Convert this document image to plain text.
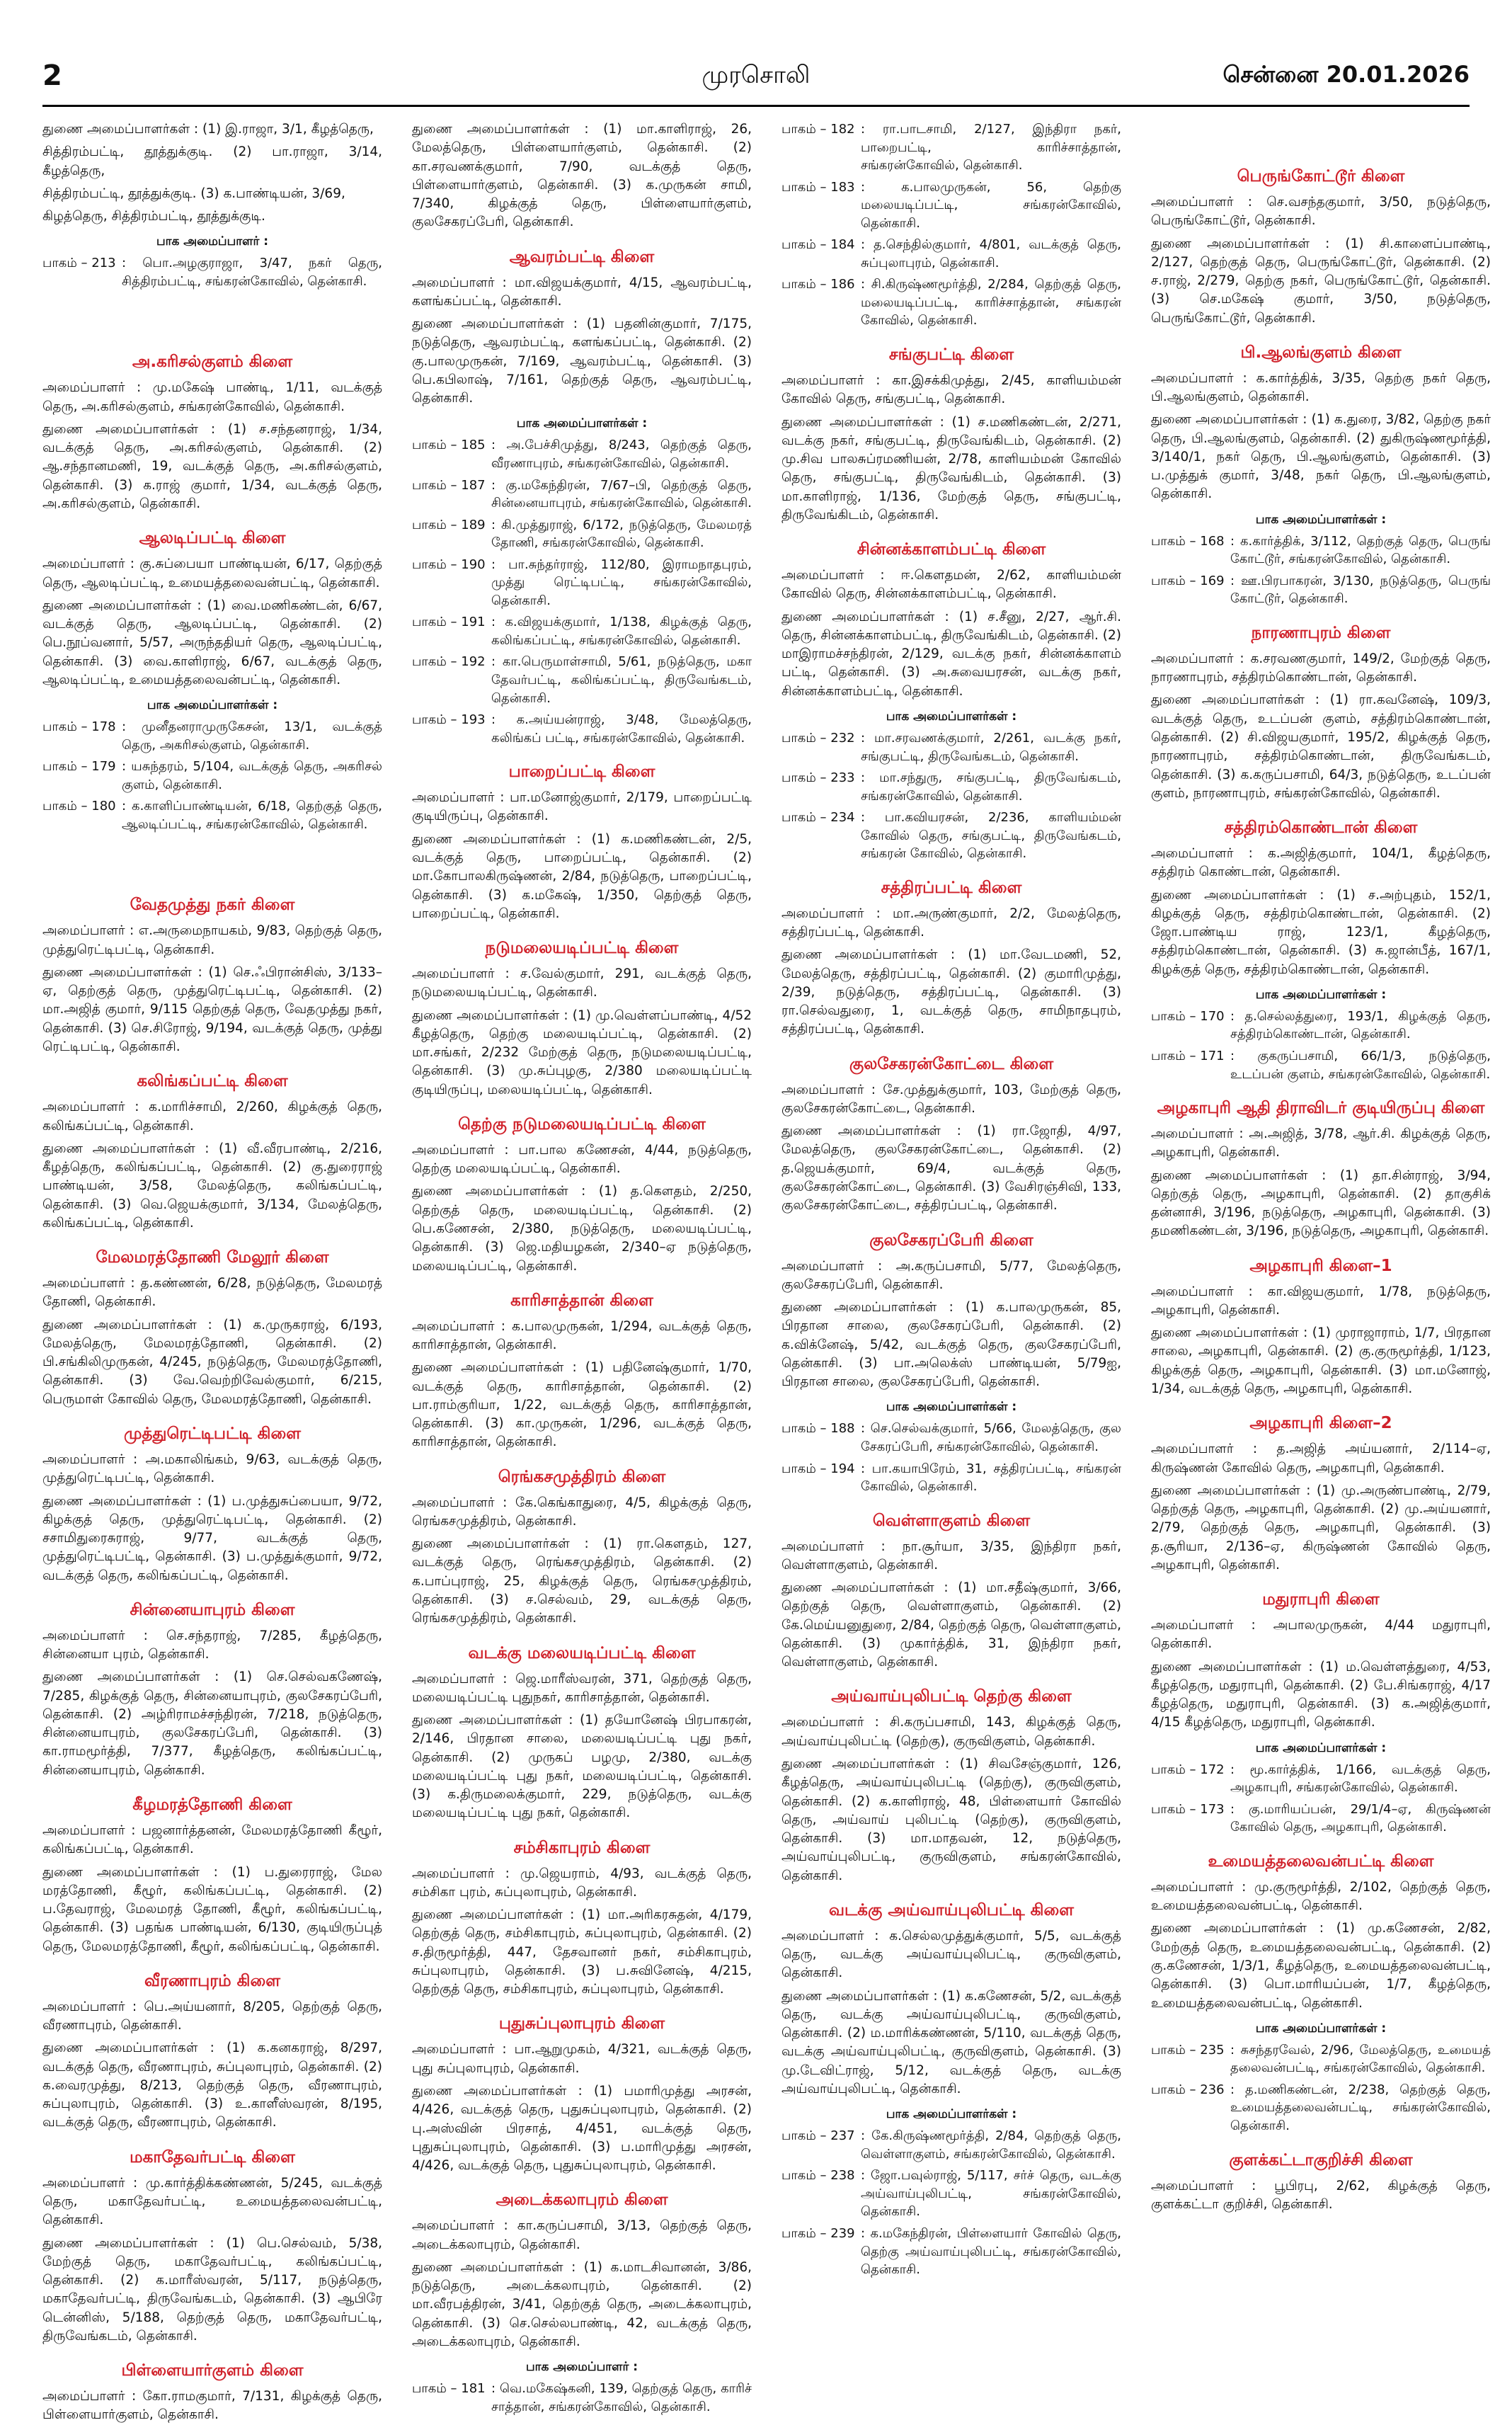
2	முரசொலி	சென்னை 20.01.2026

துணை அமைப்பாளர்கள் : (1) இ.ராஜா, 3/1, கீழத்தெரு,

சித்திரம்பட்டி, தூத்துக்குடி. (2) பா.ராஜா, 3/14, கீழத்தெரு,

சித்திரம்பட்டி, தூத்துக்குடி. (3) க.பாண்டியன், 3/69,

கிழத்தெரு, சித்திரம்பட்டி, தூத்துக்குடி.

பாக அமைப்பாளர் :
பாகம் – 213 : பொ.அழகுராஜா, 3/47, நகர் தெரு, சித்திரம்பட்டி, சங்கரன்கோவில், தென்காசி.
அ.கரிசல்குளம் கிளை

அமைப்பாளர் : மு.மகேஷ் பாண்டி, 1/11, வடக்குத் தெரு, அ.கரிசல்குளம், சங்கரன்கோவில், தென்காசி.

துணை அமைப்பாளர்கள் : (1) ச.சந்தனராஜ், 1/34, வடக்குத் தெரு, அ.கரிசல்குளம், தென்காசி. (2) ஆ.சந்தானமணி, 19, வடக்குத் தெரு, அ.கரிசல்குளம், தென்காசி. (3) க.ராஜ் குமார், 1/34, வடக்குத் தெரு, அ.கரிசல்குளம், தென்காசி.

ஆலடிப்பட்டி கிளை

அமைப்பாளர் : கு.சுப்பையா பாண்டியன், 6/17, தெற்குத் தெரு, ஆலடிப்பட்டி, உமையத்தலைவன்பட்டி, தென்காசி.

துணை அமைப்பாளர்கள் : (1) வை.மணிகண்டன், 6/67, வடக்குத் தெரு, ஆலடிப்பட்டி, தென்காசி. (2) பெ.நூப்வனார், 5/57, அருந்ததியர் தெரு, ஆலடிப்பட்டி, தென்காசி. (3) வை.காளிராஜ், 6/67, வடக்குத் தெரு, ஆலடிப்பட்டி, உமையத்தலைவன்பட்டி, தென்காசி.

பாக அமைப்பாளர்கள் :
பாகம் – 178 : முனீதனராமுருகேசன், 13/1, வடக்குத் தெரு, அகரிசல்குளம், தென்காசி.
பாகம் – 179 : யசுந்தரம், 5/104, வடக்குத் தெரு, அகரிசல் குளம், தென்காசி.
பாகம் – 180 : க.காளிப்பாண்டியன், 6/18, தெற்குத் தெரு, ஆலடிப்பட்டி, சங்கரன்கோவில், தென்காசி.
வேதமுத்து நகர் கிளை

அமைப்பாளர் : எ.அருமைநாயகம், 9/83, தெற்குத் தெரு, முத்துரெட்டிபட்டி, தென்காசி.

துணை அமைப்பாளர்கள் : (1) செ.ஃபிரான்சிஸ், 3/133–ஏ, தெற்குத் தெரு, முத்துரெட்டிபட்டி, தென்காசி. (2) மா.அஜித் குமார், 9/115 தெற்குத் தெரு, வேதமுத்து நகர், தென்காசி. (3) செ.சிரோஜ், 9/194, வடக்குத் தெரு, முத்து ரெட்டிபட்டி, தென்காசி.

கலிங்கப்பட்டி கிளை

அமைப்பாளர் : க.மாரிச்சாமி, 2/260, கிழக்குத் தெரு, கலிங்கப்பட்டி, தென்காசி.

துணை அமைப்பாளர்கள் : (1) வீ.வீரபாண்டி, 2/216, கீழத்தெரு, கலிங்கப்பட்டி, தென்காசி. (2) கு.துரைராஜ் பாண்டியன், 3/58, மேலத்தெரு, கலிங்கப்பட்டி, தென்காசி. (3) வெ.ஜெயக்குமார், 3/134, மேலத்தெரு, கலிங்கப்பட்டி, தென்காசி.

மேலமரத்தோணி மேலூர் கிளை

அமைப்பாளர் : த.கண்ணன், 6/28, நடுத்தெரு, மேலமரத் தோணி, தென்காசி.

துணை அமைப்பாளர்கள் : (1) க.முருகராஜ், 6/193, மேலத்தெரு, மேலமரத்தோணி, தென்காசி. (2) பி.சங்கிலிமுருகன், 4/245, நடுத்தெரு, மேலமரத்தோணி, தென்காசி. (3) வே.வெற்றிவேல்குமார், 6/215, பெருமாள் கோவில் தெரு, மேலமரத்தோணி, தென்காசி.

முத்துரெட்டிபட்டி கிளை

அமைப்பாளர் : அ.மகாலிங்கம், 9/63, வடக்குத் தெரு, முத்துரெட்டிபட்டி, தென்காசி.

துணை அமைப்பாளர்கள் : (1) ப.முத்துசுப்பையா, 9/72, கிழக்குத் தெரு, முத்துரெட்டிபட்டி, தென்காசி. (2) சசாமிதுரைசுராஜ், 9/77, வடக்குத் தெரு, முத்துரெட்டிபட்டி, தென்காசி. (3) ப.முத்துக்குமார், 9/72, வடக்குத் தெரு, கலிங்கப்பட்டி, தென்காசி.

சின்னையாபுரம் கிளை

அமைப்பாளர் : செ.சந்தராஜ், 7/285, கீழத்தெரு, சின்னையா புரம், தென்காசி.

துணை அமைப்பாளர்கள் : (1) செ.செல்வகணேஷ், 7/285, கிழக்குத் தெரு, சின்னையாபுரம், குலசேகரப்பேரி, தென்காசி. (2) அழ்ரிராமச்சந்திரன், 7/218, நடுத்தெரு, சின்னையாபுரம், குலசேகரப்பேரி, தென்காசி. (3) கா.ராமமூர்த்தி, 7/377, கீழத்தெரு, கலிங்கப்பட்டி, சின்னையாபுரம், தென்காசி.

கீழமரத்தோணி கிளை

அமைப்பாளர் : பஜனார்த்தனன், மேலமரத்தோணி கீழூர், கலிங்கப்பட்டி, தென்காசி.

துணை அமைப்பாளர்கள் : (1) ப.துரைராஜ், மேல மரத்தோணி, கீழூர், கலிங்கப்பட்டி, தென்காசி. (2) ப.தேவராஜ், மேலமரத் தோணி, கீழூர், கலிங்கப்பட்டி, தென்காசி. (3) பதங்க பாண்டியன், 6/130, குடியிருப்புத் தெரு, மேலமரத்தோணி, கீழூர், கலிங்கப்பட்டி, தென்காசி.

வீரணாபுரம் கிளை

அமைப்பாளர் : பெ.அய்யனார், 8/205, தெற்குத் தெரு, வீரணாபுரம், தென்காசி.

துணை அமைப்பாளர்கள் : (1) க.கனகராஜ், 8/297, வடக்குத் தெரு, வீரணாபுரம், சுப்புலாபுரம், தென்காசி. (2) க.வைரமுத்து, 8/213, தெற்குத் தெரு, வீரணாபுரம், சுப்புலாபுரம், தென்காசி. (3) உ.காளீஸ்வரன், 8/195, வடக்குத் தெரு, வீரணாபுரம், தென்காசி.

மகாதேவர்பட்டி கிளை

அமைப்பாளர் : மு.கார்த்திக்கண்ணன், 5/245, வடக்குத் தெரு, மகாதேவர்பட்டி, உமையத்தலைவன்பட்டி, தென்காசி.

துணை அமைப்பாளர்கள் : (1) பெ.செல்வம், 5/38, மேற்குத் தெரு, மகாதேவர்பட்டி, கலிங்கப்பட்டி, தென்காசி. (2) க.மாரீஸ்வரன், 5/117, நடுத்தெரு, மகாதேவர்பட்டி, திருவேங்கடம், தென்காசி. (3) ஆபிரே டென்னிஸ், 5/188, தெற்குத் தெரு, மகாதேவர்பட்டி, திருவேங்கடம், தென்காசி.

பிள்ளையார்குளம் கிளை

அமைப்பாளர் : கோ.ராமகுமார், 7/131, கிழக்குத் தெரு, பிள்ளையார்குளம், தென்காசி.

துணை அமைப்பாளர்கள் : (1) மா.காளிராஜ், 26, மேலத்தெரு, பிள்ளையார்குளம், தென்காசி. (2) கா.சரவணக்குமார், 7/90, வடக்குத் தெரு, பிள்ளையார்குளம், தென்காசி. (3) க.முருகன் சாமி, 7/340, கிழக்குத் தெரு, பிள்ளையார்குளம், குலசேகரப்பேரி, தென்காசி.

ஆவரம்பட்டி கிளை

அமைப்பாளர் : மா.விஜயக்குமார், 4/15, ஆவரம்பட்டி, களங்கப்பட்டி, தென்காசி.

துணை அமைப்பாளர்கள் : (1) பதனின்குமார், 7/175, நடுத்தெரு, ஆவரம்பட்டி, களங்கப்பட்டி, தென்காசி. (2) கு.பாலமுருகன், 7/169, ஆவரம்பட்டி, தென்காசி. (3) பெ.கபிலாஷ், 7/161, தெற்குத் தெரு, ஆவரம்பட்டி, தென்காசி.

பாக அமைப்பாளர்கள் :
பாகம் – 185 : அ.பேச்சிமுத்து, 8/243, தெற்குத் தெரு, வீரணாபுரம், சங்கரன்கோவில், தென்காசி.
பாகம் – 187 : கு.மகேந்திரன், 7/67–பி, தெற்குத் தெரு, சின்னையாபுரம், சங்கரன்கோவில், தென்காசி.
பாகம் – 189 : கி.முத்துராஜ், 6/172, நடுத்தெரு, மேலமரத் தோணி, சங்கரன்கோவில், தென்காசி.
பாகம் – 190 : பா.சுந்தர்ராஜ், 112/80, இராமநாதபுரம், முத்து ரெட்டிபட்டி, சங்கரன்கோவில், தென்காசி.
பாகம் – 191 : க.விஜயக்குமார், 1/138, கிழக்குத் தெரு, கலிங்கப்பட்டி, சங்கரன்கோவில், தென்காசி.
பாகம் – 192 : கா.பெருமாள்சாமி, 5/61, நடுத்தெரு, மகா தேவர்பட்டி, கலிங்கப்பட்டி, திருவேங்கடம், தென்காசி.
பாகம் – 193 : க.அய்யன்ராஜ், 3/48, மேலத்தெரு, கலிங்கப் பட்டி, சங்கரன்கோவில், தென்காசி.
பாறைப்பட்டி கிளை

அமைப்பாளர் : பா.மனோஜ்குமார், 2/179, பாறைப்பட்டி குடியிருப்பு, தென்காசி.

துணை அமைப்பாளர்கள் : (1) க.மணிகண்டன், 2/5, வடக்குத் தெரு, பாறைப்பட்டி, தென்காசி. (2) மா.கோபாலகிருஷ்ணன், 2/84, நடுத்தெரு, பாறைப்பட்டி, தென்காசி. (3) க.மகேஷ், 1/350, தெற்குத் தெரு, பாறைப்பட்டி, தென்காசி.

நடுமலையடிப்பட்டி கிளை

அமைப்பாளர் : ச.வேல்குமார், 291, வடக்குத் தெரு, நடுமலையடிப்பட்டி, தென்காசி.

துணை அமைப்பாளர்கள் : (1) மு.வெள்ளப்பாண்டி, 4/52 கீழத்தெரு, தெற்கு மலையடிப்பட்டி, தென்காசி. (2) மா.சங்கர், 2/232 மேற்குத் தெரு, நடுமலையடிப்பட்டி, தென்காசி. (3) மு.சுப்புழகு, 2/380 மலையடிப்பட்டி குடியிருப்பு, மலையடிப்பட்டி, தென்காசி.

தெற்கு நடுமலையடிப்பட்டி கிளை

அமைப்பாளர் : பா.பால கணேசன், 4/44, நடுத்தெரு, தெற்கு மலையடிப்பட்டி, தென்காசி.

துணை அமைப்பாளர்கள் : (1) த.கௌதம், 2/250, தெற்குத் தெரு, மலையடிப்பட்டி, தென்காசி. (2) பெ.கணேசன், 2/380, நடுத்தெரு, மலையடிப்பட்டி, தென்காசி. (3) ஜெ.மதியழகன், 2/340–ஏ நடுத்தெரு, மலையடிப்பட்டி, தென்காசி.

காரிசாத்தான் கிளை

அமைப்பாளர் : க.பாலமுருகன், 1/294, வடக்குத் தெரு, காரிசாத்தான், தென்காசி.

துணை அமைப்பாளர்கள் : (1) பதினேஷ்குமார், 1/70, வடக்குத் தெரு, காரிசாத்தான், தென்காசி. (2) பா.ராம்குரியா, 1/22, வடக்குத் தெரு, காரிசாத்தான், தென்காசி. (3) கா.முருகன், 1/296, வடக்குத் தெரு, காரிசாத்தான், தென்காசி.

ரெங்கசமுத்திரம் கிளை

அமைப்பாளர் : கே.கெங்காதுரை, 4/5, கிழக்குத் தெரு, ரெங்கசமுத்திரம், தென்காசி.

துணை அமைப்பாளர்கள் : (1) ரா.கௌதம், 127, வடக்குத் தெரு, ரெங்கசமுத்திரம், தென்காசி. (2) க.பாப்புராஜ், 25, கிழக்குத் தெரு, ரெங்கசமுத்திரம், தென்காசி. (3) ச.செல்வம், 29, வடக்குத் தெரு, ரெங்கசமுத்திரம், தென்காசி.

வடக்கு மலையடிப்பட்டி கிளை

அமைப்பாளர் : ஜெ.மாரீஸ்வரன், 371, தெற்குத் தெரு, மலையடிப்பட்டி புதுநகர், காரிசாத்தான், தென்காசி.

துணை அமைப்பாளர்கள் : (1) தயோனேஷ் பிரபாகரன், 2/146, பிரதான சாலை, மலையடிப்பட்டி புது நகர், தென்காசி. (2) முருகப் பழமு, 2/380, வடக்கு மலையடிப்பட்டி புது நகர், மலையடிப்பட்டி, தென்காசி. (3) க.திருமலைக்குமார், 229, நடுத்தெரு, வடக்கு மலையடிப்பட்டி புது நகர், தென்காசி.

சம்சிகாபுரம் கிளை

அமைப்பாளர் : மு.ஜெயராம், 4/93, வடக்குத் தெரு, சம்சிகா புரம், சுப்புலாபுரம், தென்காசி.

துணை அமைப்பாளர்கள் : (1) மா.அரிகரசுதன், 4/179, தெற்குத் தெரு, சம்சிகாபுரம், சுப்புலாபுரம், தென்காசி. (2) ச.திருமூர்த்தி, 447, தேசவானர் நகர், சம்சிகாபுரம், சுப்புலாபுரம், தென்காசி. (3) ப.சுவினேஷ், 4/215, தெற்குத் தெரு, சம்சிகாபுரம், சுப்புலாபுரம், தென்காசி.

புதுசுப்புலாபுரம் கிளை

அமைப்பாளர் : பா.ஆறுமுகம், 4/321, வடக்குத் தெரு, புது சுப்புலாபுரம், தென்காசி.

துணை அமைப்பாளர்கள் : (1) பமாரிமுத்து அரசன், 4/426, வடக்குத் தெரு, புதுசுப்புலாபுரம், தென்காசி. (2) பு.அஸ்வின் பிரசாத், 4/451, வடக்குத் தெரு, புதுசுப்புலாபுரம், தென்காசி. (3) ப.மாரிமுத்து அரசன், 4/426, வடக்குத் தெரு, புதுசுப்புலாபுரம், தென்காசி.

அடைக்கலாபுரம் கிளை

அமைப்பாளர் : கா.கருப்பசாமி, 3/13, தெற்குத் தெரு, அடைக்கலாபுரம், தென்காசி.

துணை அமைப்பாளர்கள் : (1) க.மாடசிவானன், 3/86, நடுத்தெரு, அடைக்கலாபுரம், தென்காசி. (2) மா.வீரபத்திரன், 3/41, தெற்குத் தெரு, அடைக்கலாபுரம், தென்காசி. (3) செ.செல்லபாண்டி, 42, வடக்குத் தெரு, அடைக்கலாபுரம், தென்காசி.

பாக அமைப்பாளர் :
பாகம் – 181 : வெ.மகேஷ்கனி, 139, தெற்குத் தெரு, காரிச் சாத்தான், சங்கரன்கோவில், தென்காசி.
பாகம் – 182 : ரா.பாடசாமி, 2/127, இந்திரா நகர், பாறைபட்டி, காரிச்சாத்தான், சங்கரன்கோவில், தென்காசி.
பாகம் – 183 : க.பாலமுருகன், 56, தெற்கு மலையடிப்பட்டி, சங்கரன்கோவில், தென்காசி.
பாகம் – 184 : த.செந்தில்குமார், 4/801, வடக்குத் தெரு, சுப்புலாபுரம், தென்காசி.
பாகம் – 186 : சி.கிருஷ்ணமூர்த்தி, 2/284, தெற்குத் தெரு, மலையடிப்பட்டி, காரிச்சாத்தான், சங்கரன் கோவில், தென்காசி.
சங்குபட்டி கிளை

அமைப்பாளர் : கா.இசக்கிமுத்து, 2/45, காளியம்மன் கோவில் தெரு, சங்குபட்டி, தென்காசி.

துணை அமைப்பாளர்கள் : (1) ச.மணிகண்டன், 2/271, வடக்கு நகர், சங்குபட்டி, திருவேங்கிடம், தென்காசி. (2) மு.சிவ பாலசுப்ரமணியன், 2/78, காளியம்மன் கோவில் தெரு, சங்குபட்டி, திருவேங்கிடம், தென்காசி. (3) மா.காளிராஜ், 1/136, மேற்குத் தெரு, சங்குபட்டி, திருவேங்கிடம், தென்காசி.

சின்னக்காளம்பட்டி கிளை

அமைப்பாளர் : ஈ.கௌதமன், 2/62, காளியம்மன் கோவில் தெரு, சின்னக்காளம்பட்டி, தென்காசி.

துணை அமைப்பாளர்கள் : (1) ச.சீனு, 2/27, ஆர்.சி. தெரு, சின்னக்காளம்பட்டி, திருவேங்கிடம், தென்காசி. (2) மாஇராமச்சந்திரன், 2/129, வடக்கு நகர், சின்னக்காளம் பட்டி, தென்காசி. (3) அ.சுவையரசன், வடக்கு நகர், சின்னக்காளம்பட்டி, தென்காசி.

பாக அமைப்பாளர்கள் :
பாகம் – 232 : மா.சரவணக்குமார், 2/261, வடக்கு நகர், சங்குபட்டி, திருவேங்கடம், தென்காசி.
பாகம் – 233 : மா.சந்துரு, சங்குபட்டி, திருவேங்கடம், சங்கரன்கோவில், தென்காசி.
பாகம் – 234 : பா.கவியரசன், 2/236, காளியம்மன் கோவில் தெரு, சங்குபட்டி, திருவேங்கடம், சங்கரன் கோவில், தென்காசி.
சத்திரப்பட்டி கிளை

அமைப்பாளர் : மா.அருண்குமார், 2/2, மேலத்தெரு, சத்திரப்பட்டி, தென்காசி.

துணை அமைப்பாளர்கள் : (1) மா.வேடமணி, 52, மேலத்தெரு, சத்திரப்பட்டி, தென்காசி. (2) குமாரிமுத்து, 2/39, நடுத்தெரு, சத்திரப்பட்டி, தென்காசி. (3) ரா.செல்வதுரை, 1, வடக்குத் தெரு, சாமிநாதபுரம், சத்திரப்பட்டி, தென்காசி.

குலசேகரன்கோட்டை கிளை

அமைப்பாளர் : சே.முத்துக்குமார், 103, மேற்குத் தெரு, குலசேகரன்கோட்டை, தென்காசி.

துணை அமைப்பாளர்கள் : (1) ரா.ஜோதி, 4/97, மேலத்தெரு, குலசேகரன்கோட்டை, தென்காசி. (2) த.ஜெயக்குமார், 69/4, வடக்குத் தெரு, குலசேகரன்கோட்டை, தென்காசி. (3) வேசிரஞ்சிவி, 133, குலசேகரன்கோட்டை, சத்திரப்பட்டி, தென்காசி.

குலசேகரப்பேரி கிளை

அமைப்பாளர் : அ.கருப்பசாமி, 5/77, மேலத்தெரு, குலசேகரப்பேரி, தென்காசி.

துணை அமைப்பாளர்கள் : (1) க.பாலமுருகன், 85, பிரதான சாலை, குலசேகரப்பேரி, தென்காசி. (2) க.விக்னேஷ், 5/42, வடக்குத் தெரு, குலசேகரப்பேரி, தென்காசி. (3) பா.அலெக்ஸ் பாண்டியன், 5/79ஐ, பிரதான சாலை, குலசேகரப்பேரி, தென்காசி.

பாக அமைப்பாளர்கள் :
பாகம் – 188 : செ.செல்வக்குமார், 5/66, மேலத்தெரு, குல சேகரப்பேரி, சங்கரன்கோவில், தென்காசி.
பாகம் – 194 : பா.கயாபிரேம், 31, சத்திரப்பட்டி, சங்கரன் கோவில், தென்காசி.
வெள்ளாகுளம் கிளை

அமைப்பாளர் : நா.சூர்யா, 3/35, இந்திரா நகர், வெள்ளாகுளம், தென்காசி.

துணை அமைப்பாளர்கள் : (1) மா.சதீஷ்குமார், 3/66, தெற்குத் தெரு, வெள்ளாகுளம், தென்காசி. (2) கே.மெய்யனுதுரை, 2/84, தெற்குத் தெரு, வெள்ளாகுளம், தென்காசி. (3) முகார்த்திக், 31, இந்திரா நகர், வெள்ளாகுளம், தென்காசி.

அய்வாய்புலிபட்டி தெற்கு கிளை

அமைப்பாளர் : சி.கருப்பசாமி, 143, கிழக்குத் தெரு, அய்வாய்புலிபட்டி (தெற்கு), குருவிகுளம், தென்காசி.

துணை அமைப்பாளர்கள் : (1) சிவசேஞ்குமார், 126, கீழத்தெரு, அய்வாய்புலிபட்டி (தெற்கு), குருவிகுளம், தென்காசி. (2) க.காளிராஜ், 48, பிள்ளையார் கோவில் தெரு, அய்வாய் புலிபட்டி (தெற்கு), குருவிகுளம், தென்காசி. (3) மா.மாதவன், 12, நடுத்தெரு, அய்வாய்புலிபட்டி, குருவிகுளம், சங்கரன்கோவில், தென்காசி.

வடக்கு அய்வாய்புலிபட்டி கிளை

அமைப்பாளர் : க.செல்லமுத்துக்குமார், 5/5, வடக்குத் தெரு, வடக்கு அய்வாய்புலிபட்டி, குருவிகுளம், தென்காசி.

துணை அமைப்பாளர்கள் : (1) க.கணேசன், 5/2, வடக்குத் தெரு, வடக்கு அய்வாய்புலிபட்டி, குருவிகுளம், தென்காசி. (2) ம.மாரிக்கண்ணன், 5/110, வடக்குத் தெரு, வடக்கு அய்வாய்புலிபட்டி, குருவிகுளம், தென்காசி. (3) மு.டேவிட்ராஜ், 5/12, வடக்குத் தெரு, வடக்கு அய்வாய்புலிபட்டி, தென்காசி.

பாக அமைப்பாளர்கள் :
பாகம் – 237 : கே.கிருஷ்ணமூர்த்தி, 2/84, தெற்குத் தெரு, வெள்ளாகுளம், சங்கரன்கோவில், தென்காசி.
பாகம் – 238 : ஜோ.பவுல்ராஜ், 5/117, சர்ச் தெரு, வடக்கு அய்வாய்புலிபட்டி, சங்கரன்கோவில், தென்காசி.
பாகம் – 239 : க.மகேந்திரன், பிள்ளையார் கோவில் தெரு, தெற்கு அய்வாய்புலிபட்டி, சங்கரன்கோவில், தென்காசி.
பெருங்கோட்டூர் கிளை

அமைப்பாளர் : செ.வசந்தகுமார், 3/50, நடுத்தெரு, பெருங்கோட்டூர், தென்காசி.

துணை அமைப்பாளர்கள் : (1) சி.காளைப்பாண்டி, 2/127, தெற்குத் தெரு, பெருங்கோட்டூர், தென்காசி. (2) ச.ராஜ், 2/279, தெற்கு நகர், பெருங்கோட்டூர், தென்காசி. (3) செ.மகேஷ் குமார், 3/50, நடுத்தெரு, பெருங்கோட்டூர், தென்காசி.

பி.ஆலங்குளம் கிளை

அமைப்பாளர் : க.கார்த்திக், 3/35, தெற்கு நகர் தெரு, பி.ஆலங்குளம், தென்காசி.

துணை அமைப்பாளர்கள் : (1) க.துரை, 3/82, தெற்கு நகர் தெரு, பி.ஆலங்குளம், தென்காசி. (2) துகிருஷ்ணமூர்த்தி, 3/140/1, நகர் தெரு, பி.ஆலங்குளம், தென்காசி. (3) ப.முத்துக் குமார், 3/48, நகர் தெரு, பி.ஆலங்குளம், தென்காசி.

பாக அமைப்பாளர்கள் :
பாகம் – 168 : க.கார்த்திக், 3/112, தெற்குத் தெரு, பெருங் கோட்டூர், சங்கரன்கோவில், தென்காசி.
பாகம் – 169 : ஊ.பிரபாகரன், 3/130, நடுத்தெரு, பெருங் கோட்டூர், தென்காசி.
நாரணாபுரம் கிளை

அமைப்பாளர் : க.சரவணகுமார், 149/2, மேற்குத் தெரு, நாரணாபுரம், சத்திரம்கொண்டான், தென்காசி.

துணை அமைப்பாளர்கள் : (1) ரா.கவனேஷ், 109/3, வடக்குத் தெரு, உடப்பன் குளம், சத்திரம்கொண்டான், தென்காசி. (2) சி.விஜயகுமார், 195/2, கிழக்குத் தெரு, நாரணாபுரம், சத்திரம்கொண்டான், திருவேங்கடம், தென்காசி. (3) க.கருப்பசாமி, 64/3, நடுத்தெரு, உடப்பன் குளம், நாரணாபுரம், சங்கரன்கோவில், தென்காசி.

சத்திரம்கொண்டான் கிளை

அமைப்பாளர் : க.அஜித்குமார், 104/1, கீழத்தெரு, சத்திரம் கொண்டான், தென்காசி.

துணை அமைப்பாளர்கள் : (1) ச.அற்புதம், 152/1, கிழக்குத் தெரு, சத்திரம்கொண்டான், தென்காசி. (2) ஜோ.பாண்டிய ராஜ், 123/1, கீழத்தெரு, சத்திரம்கொண்டான், தென்காசி. (3) சு.ஜான்பீத், 167/1, கிழக்குத் தெரு, சத்திரம்கொண்டான், தென்காசி.

பாக அமைப்பாளர்கள் :
பாகம் – 170 : த.செல்லத்துரை, 193/1, கிழக்குத் தெரு, சத்திரம்கொண்டான், தென்காசி.
பாகம் – 171 : குகருப்பசாமி, 66/1/3, நடுத்தெரு, உடப்பன் குளம், சங்கரன்கோவில், தென்காசி.
அழகாபுரி ஆதி திராவிடர் குடியிருப்பு கிளை

அமைப்பாளர் : அ.அஜித், 3/78, ஆர்.சி. கிழக்குத் தெரு, அழகாபுரி, தென்காசி.

துணை அமைப்பாளர்கள் : (1) தா.சின்ராஜ், 3/94, தெற்குத் தெரு, அழகாபுரி, தென்காசி. (2) தாகுசிக் தன்னாசி, 3/196, நடுத்தெரு, அழகாபுரி, தென்காசி. (3) தமணிகண்டன், 3/196, நடுத்தெரு, அழகாபுரி, தென்காசி.

அழகாபுரி கிளை–1

அமைப்பாளர் : கா.விஜயகுமார், 1/78, நடுத்தெரு, அழகாபுரி, தென்காசி.

துணை அமைப்பாளர்கள் : (1) முராஜாராம், 1/7, பிரதான சாலை, அழகாபுரி, தென்காசி. (2) கு.குருமூர்த்தி, 1/123, கிழக்குத் தெரு, அழகாபுரி, தென்காசி. (3) மா.மனோஜ், 1/34, வடக்குத் தெரு, அழகாபுரி, தென்காசி.

அழகாபுரி கிளை–2

அமைப்பாளர் : த.அஜித் அய்யனார், 2/114–ஏ, கிருஷ்ணன் கோவில் தெரு, அழகாபுரி, தென்காசி.

துணை அமைப்பாளர்கள் : (1) மு.அருண்பாண்டி, 2/79, தெற்குத் தெரு, அழகாபுரி, தென்காசி. (2) மு.அய்யனார், 2/79, தெற்குத் தெரு, அழகாபுரி, தென்காசி. (3) த.சூரியா, 2/136–ஏ, கிருஷ்ணன் கோவில் தெரு, அழகாபுரி, தென்காசி.

மதுராபுரி கிளை

அமைப்பாளர் : அபாலமுருகன், 4/44 மதுராபுரி, தென்காசி.

துணை அமைப்பாளர்கள் : (1) ம.வெள்ளத்துரை, 4/53, கீழத்தெரு, மதுராபுரி, தென்காசி. (2) பே.சிங்கராஜ், 4/17 கீழத்தெரு, மதுராபுரி, தென்காசி. (3) க.அஜித்குமார், 4/15 கீழத்தெரு, மதுராபுரி, தென்காசி.

பாக அமைப்பாளர்கள் :
பாகம் – 172 : மூ.கார்த்திக், 1/166, வடக்குத் தெரு, அழகாபுரி, சங்கரன்கோவில், தென்காசி.
பாகம் – 173 : கு.மாரியப்பன், 29/1/4–ஏ, கிருஷ்ணன் கோவில் தெரு, அழகாபுரி, தென்காசி.
உமையத்தலைவன்பட்டி கிளை

அமைப்பாளர் : மு.குருமூர்த்தி, 2/102, தெற்குத் தெரு, உமையத்தலைவன்பட்டி, தென்காசி.

துணை அமைப்பாளர்கள் : (1) மு.கணேசன், 2/82, மேற்குத் தெரு, உமையத்தலைவன்பட்டி, தென்காசி. (2) கு.கணேசன், 1/3/1, கீழத்தெரு, உமையத்தலைவன்பட்டி, தென்காசி. (3) பொ.மாரியப்பன், 1/7, கீழத்தெரு, உமையத்தலைவன்பட்டி, தென்காசி.

பாக அமைப்பாளர்கள் :
பாகம் – 235 : சுசந்தரவேல், 2/96, மேலத்தெரு, உமையத் தலைவன்பட்டி, சங்கரன்கோவில், தென்காசி.
பாகம் – 236 : த.மணிகண்டன், 2/238, தெற்குத் தெரு, உமையத்தலைவன்பட்டி, சங்கரன்கோவில், தென்காசி.
குளக்கட்டாகுறிச்சி கிளை

அமைப்பாளர் : பூபிரபு, 2/62, கிழக்குத் தெரு, குளக்கட்டா குறிச்சி, தென்காசி.
